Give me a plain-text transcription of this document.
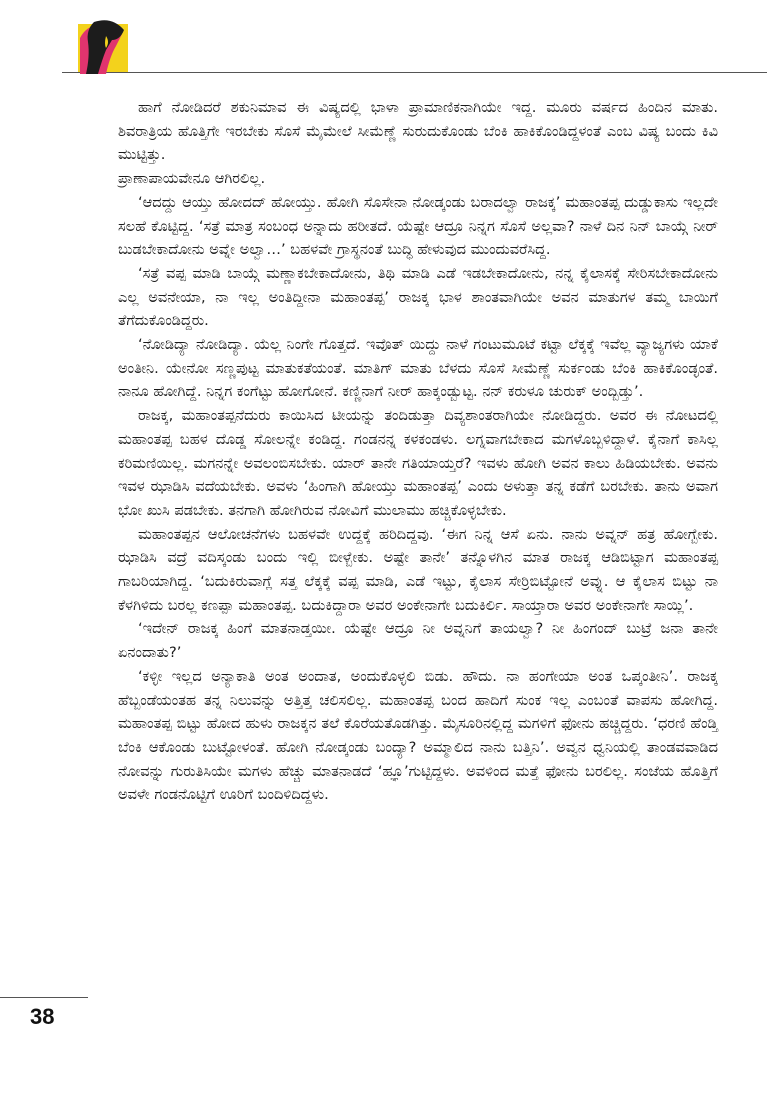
ಹಾಗೆ ನೋಡಿದರೆ ಶಕುನಿಮಾವ ಈ ವಿಷ್ಯದಲ್ಲಿ ಭಾಳಾ ಪ್ರಾಮಾಣಿಕನಾಗಿಯೇ ಇದ್ದ. ಮೂರು ವರ್ಷದ ಹಿಂದಿನ ಮಾತು. ಶಿವರಾತ್ರಿಯ ಹೊತ್ತಿಗೇ ಇರಬೇಕು ಸೊಸೆ ಮೈಮೇಲೆ ಸೀಮೆಣ್ಣೆ ಸುರುದುಕೊಂಡು ಬೆಂಕಿ ಹಾಕಿಕೊಂಡಿದ್ದಳಂತೆ ಎಂಬ ವಿಷ್ಯ ಬಂದು ಕಿವಿ ಮುಟ್ಟಿತ್ತು.

ಪ್ರಾಣಾಪಾಯವೇನೂ ಆಗಿರಲಿಲ್ಲ.

‘ಆದದ್ದು ಆಯ್ತು ಹೋದದ್ ಹೋಯ್ತು. ಹೋಗಿ ಸೊಸೇನಾ ನೋಡ್ಕಂಡು ಬರಾದಲ್ವಾ ರಾಜಕ್ಕ’ ಮಹಾಂತಪ್ಪ ದುಡ್ಡುಕಾಸು ಇಲ್ಲದೇ ಸಲಹೆ ಕೊಟ್ಟಿದ್ದ. ‘ಸತ್ರೆ ಮಾತ್ರ ಸಂಬಂಧ ಅನ್ನಾದು ಹರೀತದೆ. ಯೆಷ್ಟೇ ಆದ್ರೂ ನಿನ್ನಗ ಸೊಸೆ ಅಲ್ಲವಾ? ನಾಳೆ ದಿನ ನಿನ್ ಬಾಯ್ಗೆ ನೀರ್ ಬುಡಬೇಕಾದೋನು ಅವ್ನೇ ಅಲ್ವಾ…’ ಬಹಳವೇ ಗ್ರಾಸ್ಥನಂತೆ ಬುದ್ಧಿ ಹೇಳುವುದ ಮುಂದುವರೆಸಿದ್ದ.

‘ಸತ್ರೆ ವಪ್ಪ ಮಾಡಿ ಬಾಯ್ಗೆ ಮಣ್ಣಾಕಬೇಕಾದೋನು, ತಿಥಿ ಮಾಡಿ ಎಡೆ ಇಡಬೇಕಾದೋನು, ನನ್ನ ಕೈಲಾಸಕ್ಕೆ ಸೇರಿಸಬೇಕಾದೋನು ಎಲ್ಲ ಅವನೇಯಾ, ನಾ ಇಲ್ಲ ಅಂತಿದ್ದೀನಾ ಮಹಾಂತಪ್ಪ’ ರಾಜಕ್ಕ ಭಾಳ ಶಾಂತವಾಗಿಯೇ ಅವನ ಮಾತುಗಳ ತಮ್ಮ ಬಾಯಿಗೆ ತೆಗೆದುಕೊಂಡಿದ್ದರು.

‘ನೋಡಿದ್ಯಾ ನೋಡಿದ್ಯಾ. ಯೆಲ್ಲ ನಿಂಗೇ ಗೊತ್ತದೆ. ಇವೊತ್ ಯಿದ್ದು ನಾಳೆ ಗಂಟುಮೂಟೆ ಕಟ್ಟಾ ಲೆಕ್ಕಕ್ಕೆ ಇವೆಲ್ಲ ವ್ಯಾಜ್ಯಗಳು ಯಾಕೆ ಅಂತೀನಿ. ಯೇನೋ ಸಣ್ಣಪುಟ್ಟ ಮಾತುಕತೆಯಂತೆ. ಮಾತಿಗ್ ಮಾತು ಬೆಳದು ಸೊಸೆ ಸೀಮೆಣ್ಣೆ ಸುರ್ಕಂಡು ಬೆಂಕಿ ಹಾಕಿಕೊಂಡ್ಳಂತೆ. ನಾನೂ ಹೋಗಿದ್ದೆ. ನಿನ್ನಗ ಕಂಗೆಟ್ಟು ಹೋಗೋನೆ. ಕಣ್ಣಿನಾಗೆ ನೀರ್ ಹಾಕ್ಕಂಡ್ಬುಟ್ಟ. ನನ್ ಕರುಳೂ ಚುರುಕ್ ಅಂದ್ಬಿಡ್ತು’.

ರಾಜಕ್ಕ, ಮಹಾಂತಪ್ಪನೆದುರು ಕಾಯಿಸಿದ ಟೀಯನ್ನು ತಂದಿಡುತ್ತಾ ದಿವ್ಯಶಾಂತರಾಗಿಯೇ ನೋಡಿದ್ದರು. ಅವರ ಈ ನೋಟದಲ್ಲಿ ಮಹಾಂತಪ್ಪ ಬಹಳ ದೊಡ್ಡ ಸೋಲನ್ನೇ ಕಂಡಿದ್ದ. ಗಂಡನನ್ನ ಕಳಕಂಡಳು. ಲಗ್ನವಾಗಬೇಕಾದ ಮಗಳೊಬ್ಬಳಿದ್ದಾಳೆ. ಕೈನಾಗೆ ಕಾಸಿಲ್ಲ ಕರಿಮಣಿಯಿಲ್ಲ. ಮಗನನ್ನೇ ಅವಲಂಬಿಸಬೇಕು. ಯಾರ್ ತಾನೇ ಗತಿಯಾಯ್ತರೆ? ಇವಳು ಹೋಗಿ ಅವನ ಕಾಲು ಹಿಡಿಯಬೇಕು. ಅವನು ಇವಳ ಝಾಡಿಸಿ ವದೆಯಬೇಕು. ಅವಳು ‘ಹಿಂಗಾಗಿ ಹೋಯ್ತು ಮಹಾಂತಪ್ಪ’ ಎಂದು ಅಳುತ್ತಾ ತನ್ನ ಕಡೆಗೆ ಬರಬೇಕು. ತಾನು ಅವಾಗ ಭೋ ಖುಸಿ ಪಡಬೇಕು. ತನಗಾಗಿ ಹೋಗಿರುವ ನೋವಿಗೆ ಮುಲಾಮು ಹಚ್ಚಿಕೊಳ್ಳಬೇಕು.

ಮಹಾಂತಪ್ಪನ ಆಲೋಚನೆಗಳು ಬಹಳವೇ ಉದ್ದಕ್ಕೆ ಹರಿದಿದ್ದವು. ‘ಈಗ ನಿನ್ನ ಆಸೆ ಏನು. ನಾನು ಅವ್ನನ್ ಹತ್ರ ಹೋಗ್ಬೇಕು. ಝಾಡಿಸಿ ವದ್ರೆ ವದಿಸ್ಕಂಡು ಬಂದು ಇಲ್ಲಿ ಬೀಳ್ಬೇಕು. ಅಷ್ಟೇ ತಾನೇ’ ತನ್ನೊಳಗಿನ ಮಾತ ರಾಜಕ್ಕ ಆಡಿಬಿಟ್ಟಾಗ ಮಹಾಂತಪ್ಪ ಗಾಬರಿಯಾಗಿದ್ದ. ‘ಬದುಕಿರುವಾಗ್ಲೆ ಸತ್ತ ಲೆಕ್ಕಕ್ಕೆ ವಪ್ಪ ಮಾಡಿ, ಎಡೆ ಇಟ್ಟು, ಕೈಲಾಸ ಸೇರ್ರಿಬಿಟ್ಟೋನೆ ಅವ್ನು. ಆ ಕೈಲಾಸ ಬಿಟ್ಟು ನಾ ಕೆಳಗಿಳಿದು ಬರಲ್ಲ ಕಣಪ್ಪಾ ಮಹಾಂತಪ್ಪ. ಬದುಕಿದ್ದಾರಾ ಅವರ ಅಂಕೇನಾಗೇ ಬದುಕಿರ್ಲಿ. ಸಾಯ್ತಾರಾ ಅವರ ಅಂಕೇನಾಗೇ ಸಾಯ್ಲಿ’.

‘ಇದೇನ್ ರಾಜಕ್ಕ ಹಿಂಗೆ ಮಾತನಾಡ್ತಯೀ. ಯೆಷ್ಟೇ ಆದ್ರೂ ನೀ ಅವ್ನನಿಗೆ ತಾಯಲ್ವಾ? ನೀ ಹಿಂಗಂದ್ ಬುಟ್ರೆ ಜನಾ ತಾನೇ ಏನಂದಾತು?’

‘ಕಳ್ಳೀ ಇಲ್ಲದ ಅನ್ಯಾಕಾತಿ ಅಂತ ಅಂದಾತ, ಅಂದುಕೊಳ್ಳಲಿ ಬಿಡು. ಹೌದು. ನಾ ಹಂಗೇಯಾ ಅಂತ ಒಪ್ಕಂತೀನಿ’. ರಾಜಕ್ಕ ಹೆಬ್ಬಂಡೆಯಂತಹ ತನ್ನ ನಿಲುವನ್ನು ಅತ್ತಿತ್ತ ಚಲಿಸಲಿಲ್ಲ. ಮಹಾಂತಪ್ಪ ಬಂದ ಹಾದಿಗೆ ಸುಂಕ ಇಲ್ಲ ಎಂಬಂತೆ ವಾಪಸು ಹೋಗಿದ್ದ. ಮಹಾಂತಪ್ಪ ಬಿಟ್ಟು ಹೋದ ಹುಳು ರಾಜಕ್ಕನ ತಲೆ ಕೊರೆಯತೊಡಗಿತ್ತು. ಮೈಸೂರಿನಲ್ಲಿದ್ದ ಮಗಳಿಗೆ ಫೋನು ಹಚ್ಚಿದ್ದರು. ‘ಧರಣಿ ಹೆಂಡ್ತಿ ಬೆಂಕಿ ಆಕೊಂಡು ಬುಟ್ಟೋಳಂತೆ. ಹೋಗಿ ನೋಡ್ಕಂಡು ಬಂದ್ಯಾ? ಅಮ್ಮಾಲಿದ ನಾನು ಬತ್ತಿನಿ’. ಅವ್ವನ ಧ್ವನಿಯಲ್ಲಿ ತಾಂಡವವಾಡಿದ ನೋವನ್ನು ಗುರುತಿಸಿಯೇ ಮಗಳು ಹೆಚ್ಚು ಮಾತನಾಡದೆ ‘ಹ್ಞೂ’ಗುಟ್ಟಿದ್ದಳು. ಅವಳಿಂದ ಮತ್ತೆ ಫೋನು ಬರಲಿಲ್ಲ. ಸಂಜೆಯ ಹೊತ್ತಿಗೆ ಅವಳೇ ಗಂಡನೊಟ್ಟಿಗೆ ಊರಿಗೆ ಬಂದಿಳಿದಿದ್ದಳು.

38
